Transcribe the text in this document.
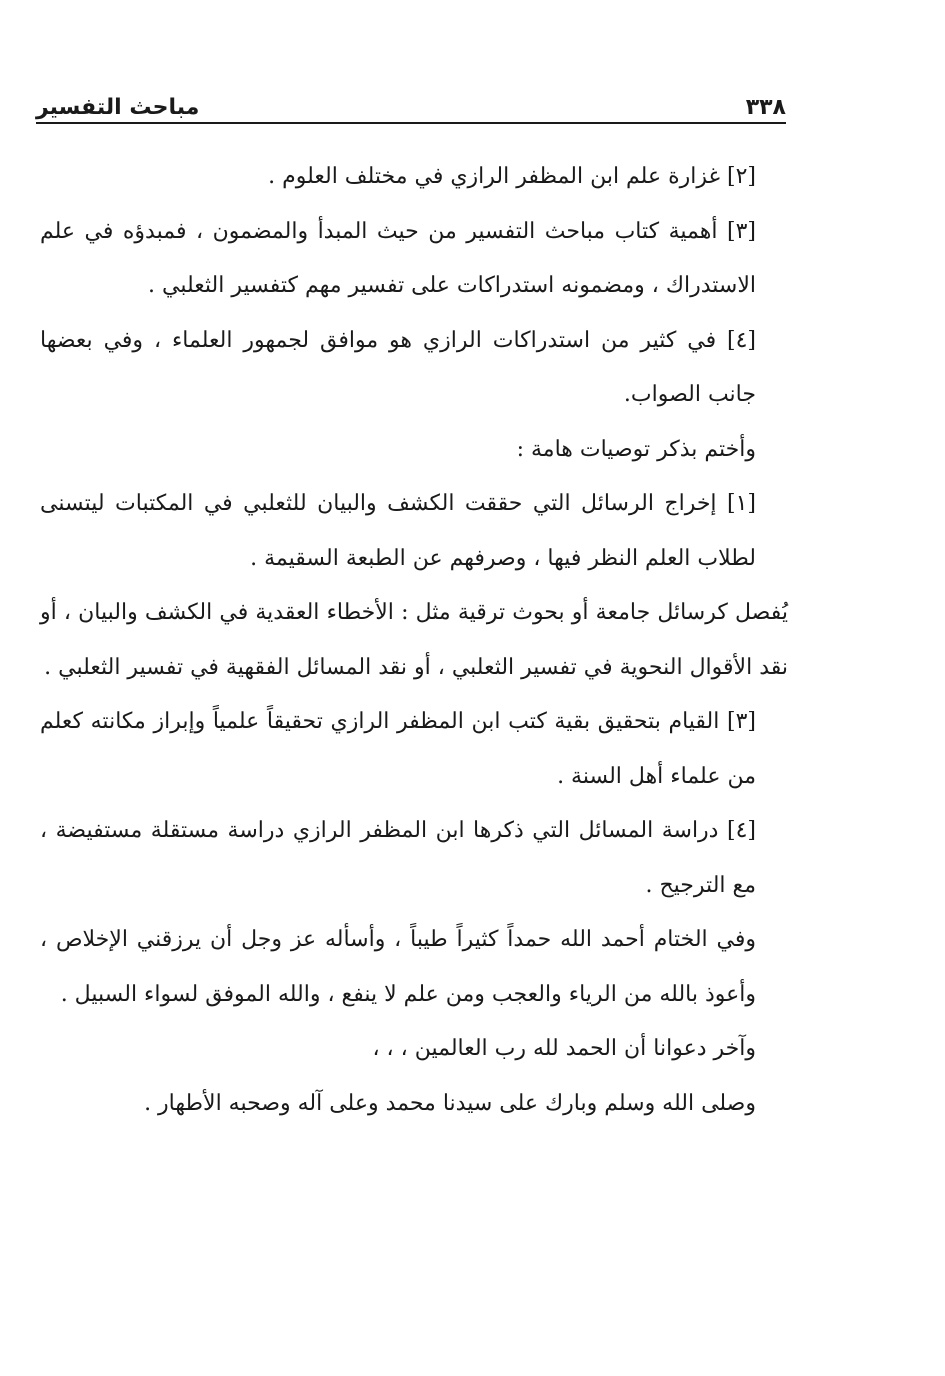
٣٣٨
مباحث التفسير

[٢] غزارة علم ابن المظفر الرازي في مختلف العلوم .

[٣] أهمية كتاب مباحث التفسير من حيث المبدأ والمضمون ، فمبدؤه في علم الاستدراك ، ومضمونه استدراكات على تفسير مهم كتفسير الثعلبي .

[٤] في كثير من استدراكات الرازي هو موافق لجمهور العلماء ، وفي بعضها جانب الصواب.

وأختم بذكر توصيات هامة :

[١] إخراج الرسائل التي حققت الكشف والبيان للثعلبي في المكتبات ليتسنى لطلاب العلم النظر فيها ، وصرفهم عن الطبعة السقيمة .

يُفصل كرسائل جامعة أو بحوث ترقية مثل : الأخطاء العقدية في الكشف والبيان ، أو نقد الأقوال النحوية في تفسير الثعلبي ، أو نقد المسائل الفقهية في تفسير الثعلبي .

[٣] القيام بتحقيق بقية كتب ابن المظفر الرازي تحقيقاً علمياً وإبراز مكانته كعلم من علماء أهل السنة .

[٤] دراسة المسائل التي ذكرها ابن المظفر الرازي دراسة مستقلة مستفيضة ، مع الترجيح .

وفي الختام أحمد الله حمداً كثيراً طيباً ، وأسأله عز وجل أن يرزقني الإخلاص ، وأعوذ بالله من الرياء والعجب ومن علم لا ينفع ، والله الموفق لسواء السبيل .

وآخر دعوانا أن الحمد لله رب العالمين ، ، ،

وصلى الله وسلم وبارك على سيدنا محمد وعلى آله وصحبه الأطهار .
